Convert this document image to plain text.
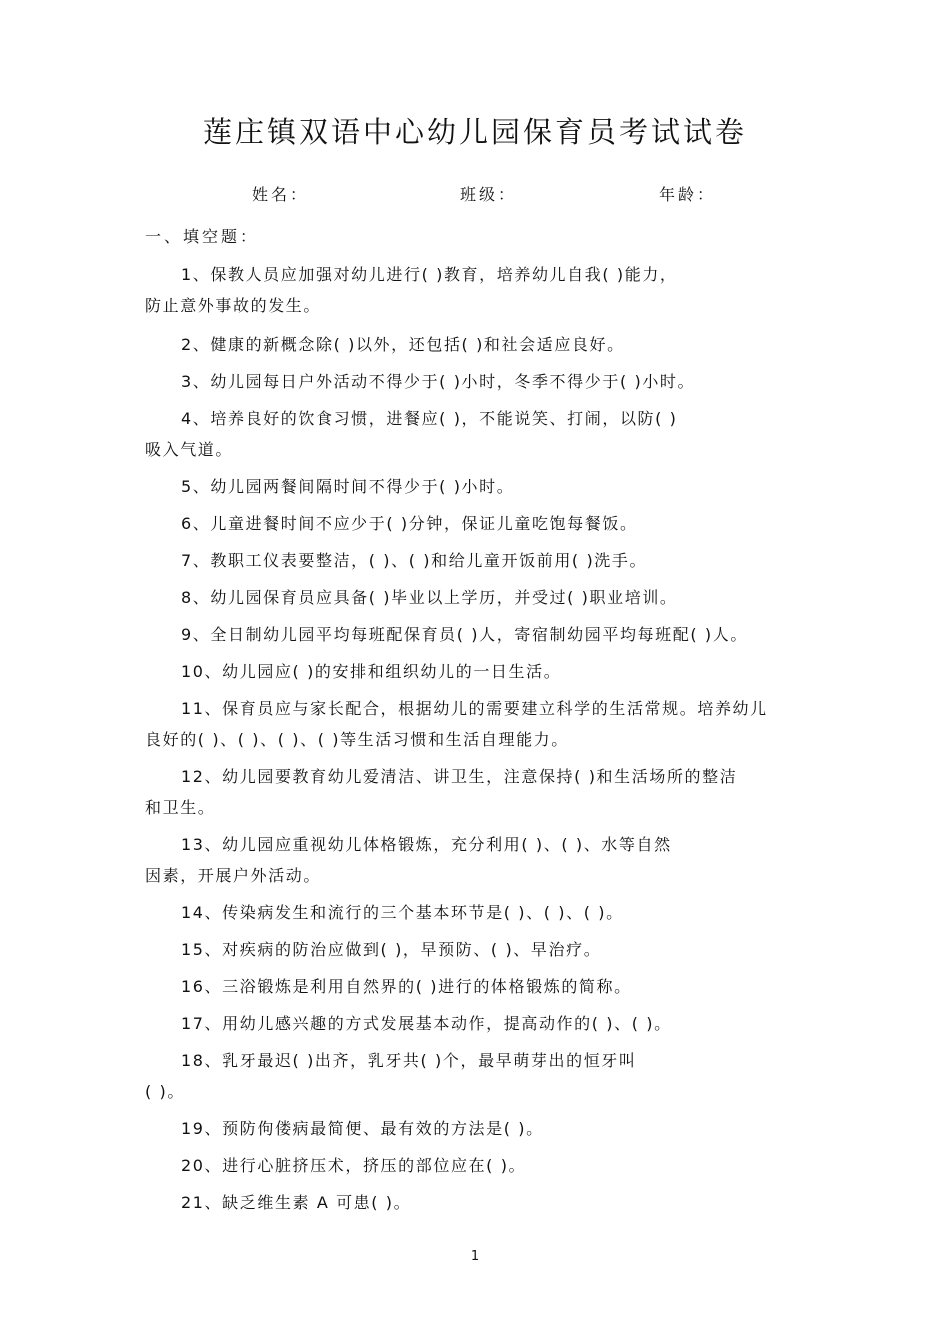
莲庄镇双语中心幼儿园保育员考试试卷
姓名：	班级：	年龄：
一、填空题：
1、保教人员应加强对幼儿进行( )教育，培养幼儿自我( )能力，
防止意外事故的发生。
2、健康的新概念除( )以外，还包括( )和社会适应良好。
3、幼儿园每日户外活动不得少于( )小时，冬季不得少于( )小时。
4、培养良好的饮食习惯，进餐应( )，不能说笑、打闹，以防( )
吸入气道。
5、幼儿园两餐间隔时间不得少于( )小时。
6、儿童进餐时间不应少于( )分钟，保证儿童吃饱每餐饭。
7、教职工仪表要整洁，( )、( )和给儿童开饭前用( )洗手。
8、幼儿园保育员应具备( )毕业以上学历，并受过( )职业培训。
9、全日制幼儿园平均每班配保育员( )人，寄宿制幼园平均每班配( )人。
10、幼儿园应( )的安排和组织幼儿的一日生活。
11、保育员应与家长配合，根据幼儿的需要建立科学的生活常规。培养幼儿
良好的( )、( )、( )、( )等生活习惯和生活自理能力。
12、幼儿园要教育幼儿爱清洁、讲卫生，注意保持( )和生活场所的整洁
和卫生。
13、幼儿园应重视幼儿体格锻炼，充分利用( )、( )、水等自然
因素，开展户外活动。
14、传染病发生和流行的三个基本环节是( )、( )、( )。
15、对疾病的防治应做到( )，早预防、( )、早治疗。
16、三浴锻炼是利用自然界的( )进行的体格锻炼的简称。
17、用幼儿感兴趣的方式发展基本动作，提高动作的( )、( )。
18、乳牙最迟( )出齐，乳牙共( )个，最早萌芽出的恒牙叫
( )。
19、预防佝偻病最简便、最有效的方法是( )。
20、进行心脏挤压术，挤压的部位应在( )。
21、缺乏维生素 A 可患( )。
1
